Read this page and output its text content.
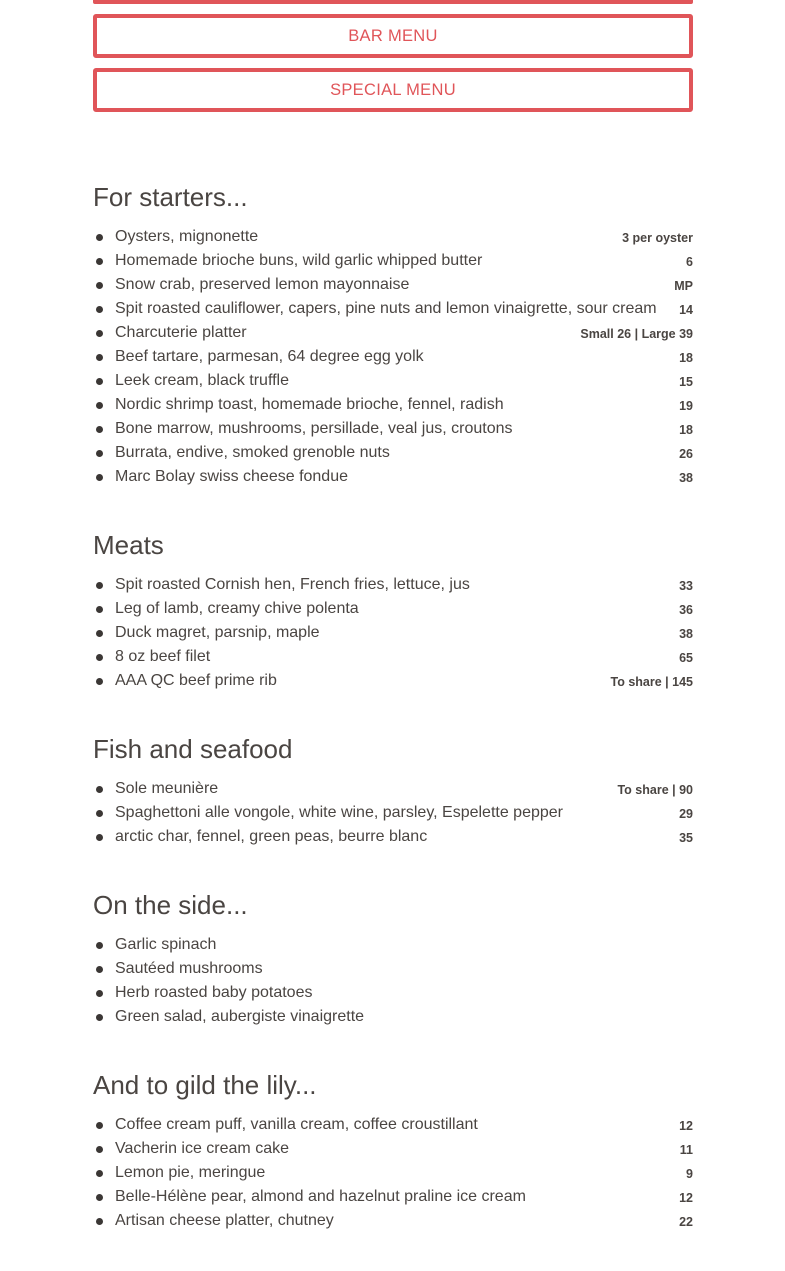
BAR MENU
SPECIAL MENU
For starters...
Oysters, mignonette	3 per oyster
Homemade brioche buns, wild garlic whipped butter	6
Snow crab, preserved lemon mayonnaise	MP
Spit roasted cauliflower, capers, pine nuts and lemon vinaigrette, sour cream 14
Charcuterie platter	Small 26 | Large 39
Beef tartare, parmesan, 64 degree egg yolk	18
Leek cream, black truffle	15
Nordic shrimp toast, homemade brioche, fennel, radish	19
Bone marrow, mushrooms, persillade, veal jus, croutons	18
Burrata, endive, smoked grenoble nuts	26
Marc Bolay swiss cheese fondue	38
Meats
Spit roasted Cornish hen, French fries, lettuce, jus	33
Leg of lamb, creamy chive polenta	36
Duck magret, parsnip, maple	38
8 oz beef filet	65
AAA QC beef prime rib	To share | 145
Fish and seafood
Sole meunière	To share | 90
Spaghettoni alle vongole, white wine, parsley, Espelette pepper	29
arctic char, fennel, green peas, beurre blanc	35
On the side...
Garlic spinach
Sautéed mushrooms
Herb roasted baby potatoes
Green salad, aubergiste vinaigrette
And to gild the lily...
Coffee cream puff, vanilla cream, coffee croustillant	12
Vacherin ice cream cake	11
Lemon pie, meringue	9
Belle-Hélène pear, almond and hazelnut praline ice cream	12
Artisan cheese platter, chutney	22
